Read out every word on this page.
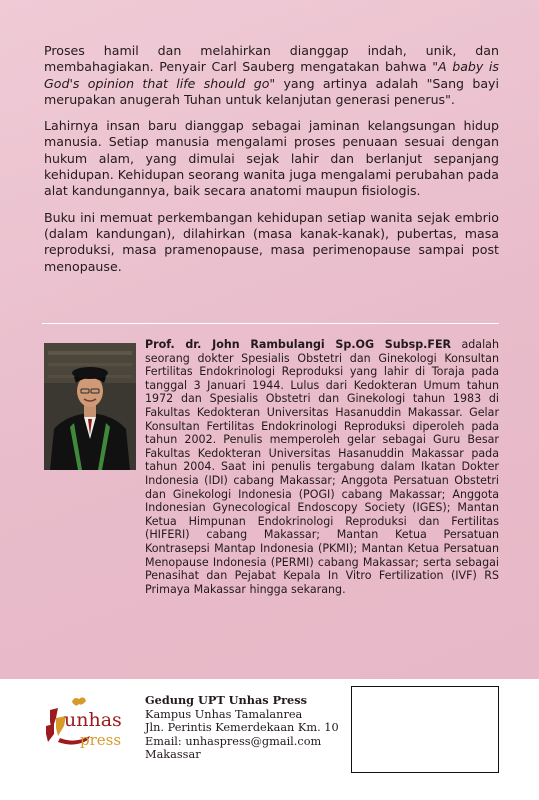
Proses hamil dan melahirkan dianggap indah, unik, dan membahagiakan. Penyair Carl Sauberg mengatakan bahwa "A baby is God's opinion that life should go" yang artinya adalah "Sang bayi merupakan anugerah Tuhan untuk kelanjutan generasi penerus".

Lahirnya insan baru dianggap sebagai jaminan kelangsungan hidup manusia. Setiap manusia mengalami proses penuaan sesuai dengan hukum alam, yang dimulai sejak lahir dan berlanjut sepanjang kehidupan. Kehidupan seorang wanita juga mengalami perubahan pada alat kandungannya, baik secara anatomi maupun fisiologis.

Buku ini memuat perkembangan kehidupan setiap wanita sejak embrio (dalam kandungan), dilahirkan (masa kanak-kanak), pubertas, masa reproduksi, masa pramenopause, masa perimenopause sampai post menopause.

Prof. dr. John Rambulangi Sp.OG Subsp.FER adalah seorang dokter Spesialis Obstetri dan Ginekologi Konsultan Fertilitas Endokrinologi Reproduksi yang lahir di Toraja pada tanggal 3 Januari 1944. Lulus dari Kedokteran Umum tahun 1972 dan Spesialis Obstetri dan Ginekologi tahun 1983 di Fakultas Kedokteran Universitas Hasanuddin Makassar. Gelar Konsultan Fertilitas Endokrinologi Reproduksi diperoleh pada tahun 2002. Penulis memperoleh gelar sebagai Guru Besar Fakultas Kedokteran Universitas Hasanuddin Makassar pada tahun 2004. Saat ini penulis tergabung dalam Ikatan Dokter Indonesia (IDI) cabang Makassar; Anggota Persatuan Obstetri dan Ginekologi Indonesia (POGI) cabang Makassar; Anggota Indonesian Gynecological Endoscopy Society (IGES); Mantan Ketua Himpunan Endokrinologi Reproduksi dan Fertilitas (HIFERI) cabang Makassar; Mantan Ketua Persatuan Kontrasepsi Mantap Indonesia (PKMI); Mantan Ketua Persatuan Menopause Indonesia (PERMI) cabang Makassar; serta sebagai Penasihat dan Pejabat Kepala In Vitro Fertilization (IVF) RS Primaya Makassar hingga sekarang.
unhas
press
Gedung UPT Unhas Press
Kampus Unhas Tamalanrea
Jln. Perintis Kemerdekaan Km. 10
Email: unhaspress@gmail.com
Makassar
